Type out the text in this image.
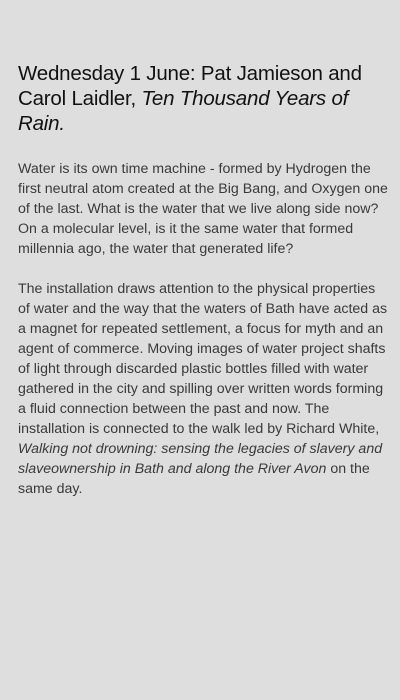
Wednesday 1 June: Pat Jamieson and Carol Laidler, Ten Thousand Years of Rain.

Water is its own time machine - formed by Hydrogen the first neutral atom created at the Big Bang, and Oxygen one of the last. What is the water that we live along side now? On a molecular level, is it the same water that formed millennia ago, the water that generated life?

The installation draws attention to the physical properties of water and the way that the waters of Bath have acted as a magnet for repeated settlement, a focus for myth and an agent of commerce. Moving images of water project shafts of light through discarded plastic bottles filled with water gathered in the city and spilling over written words forming a fluid connection between the past and now. The installation is connected to the walk led by Richard White, Walking not drowning: sensing the legacies of slavery and slaveownership in Bath and along the River Avon on the same day.
